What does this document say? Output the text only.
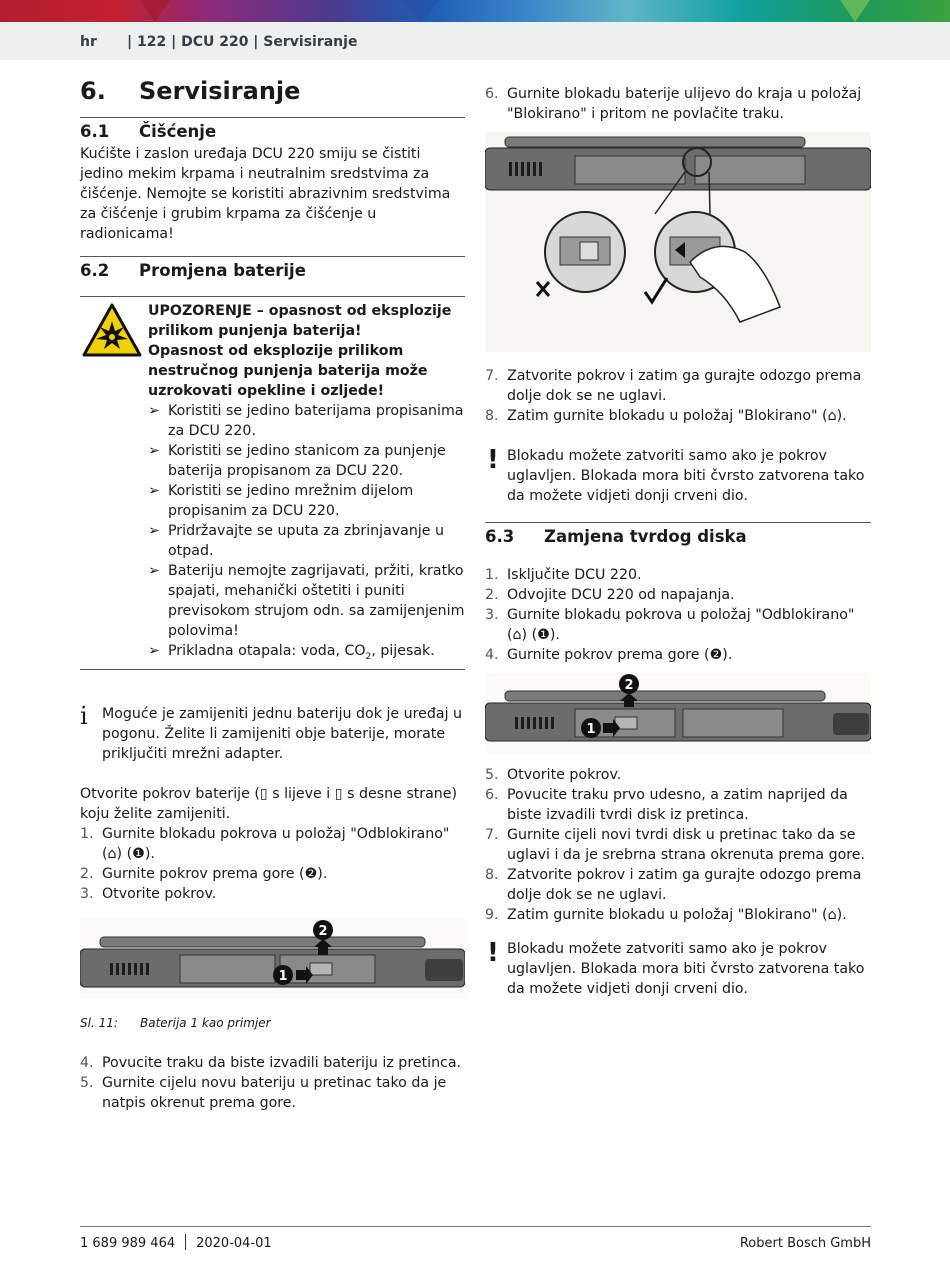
hr | 122 | DCU 220 | Servisiranje
6. Servisiranje
6.1 Čišćenje

Kućište i zaslon uređaja DCU 220 smiju se čistiti jedino mekim krpama i neutralnim sredstvima za čišćenje. Nemojte se koristiti abrazivnim sredstvima za čišćenje i grubim krpama za čišćenje u radionicama!

6.2 Promjena baterije

UPOZORENJE – opasnost od eksplozije prilikom punjenja baterija!

Opasnost od eksplozije prilikom nestručnog punjenja baterija može uzrokovati opekline i ozljede!

➢ Koristiti se jedino baterijama propisanima za DCU 220.
➢ Koristiti se jedino stanicom za punjenje baterija propisanom za DCU 220.
➢ Koristiti se jedino mrežnim dijelom propisanim za DCU 220.
➢ Pridržavajte se uputa za zbrinjavanje u otpad.
➢ Bateriju nemojte zagrijavati, pržiti, kratko spajati, mehanički oštetiti i puniti previsokom strujom odn. sa zamijenjenim polovima!
➢ Prikladna otapala: voda, $CO_2$, pijesak.
i Moguće je zamijeniti jednu bateriju dok je uređaj u pogonu. Želite li zamijeniti obje baterije, morate priključiti mrežni adapter.

Otvorite pokrov baterije (▯ s lijeve i ▯ s desne strane) koju želite zamijeniti.

1. Gurnite blokadu pokrova u položaj "Odblokirano" (⌂) (❶).
2. Gurnite pokrov prema gore (❷).
3. Otvorite pokrov.
1
2

Sl. 11: Baterija 1 kao primjer

4. Povucite traku da biste izvadili bateriju iz pretinca.
5. Gurnite cijelu novu bateriju u pretinac tako da je natpis okrenut prema gore.
6. Gurnite blokadu baterije ulijevo do kraja u položaj "Blokirano" i pritom ne povlačite traku.
7. Zatvorite pokrov i zatim ga gurajte odozgo prema dolje dok se ne uglavi.
8. Zatim gurnite blokadu u položaj "Blokirano" (⌂).
! Blokadu možete zatvoriti samo ako je pokrov uglavljen. Blokada mora biti čvrsto zatvorena tako da možete vidjeti donji crveni dio.

6.3 Zamjena tvrdog diska
1. Isključite DCU 220.
2. Odvojite DCU 220 od napajanja.
3. Gurnite blokadu pokrova u položaj "Odblokirano" (⌂) (❶).
4. Gurnite pokrov prema gore (❷).
1
2
5. Otvorite pokrov.
6. Povucite traku prvo udesno, a zatim naprijed da biste izvadili tvrdi disk iz pretinca.
7. Gurnite cijeli novi tvrdi disk u pretinac tako da se uglavi i da je srebrna strana okrenuta prema gore.
8. Zatvorite pokrov i zatim ga gurajte odozgo prema dolje dok se ne uglavi.
9. Zatim gurnite blokadu u položaj "Blokirano" (⌂).
! Blokadu možete zatvoriti samo ako je pokrov uglavljen. Blokada mora biti čvrsto zatvorena tako da možete vidjeti donji crveni dio.

1 689 989 464 2020-04-01	Robert Bosch GmbH
